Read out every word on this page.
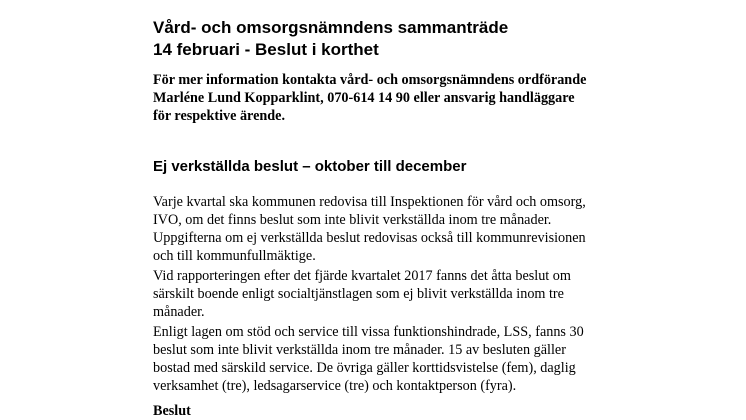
Vård- och omsorgsnämndens sammanträde
14 februari - Beslut i korthet

För mer information kontakta vård- och omsorgsnämndens ordförande
Marléne Lund Kopparklint, 070-614 14 90 eller ansvarig handläggare
för respektive ärende.

Ej verkställda beslut – oktober till december

Varje kvartal ska kommunen redovisa till Inspektionen för vård och omsorg,
IVO, om det finns beslut som inte blivit verkställda inom tre månader.
Uppgifterna om ej verkställda beslut redovisas också till kommunrevisionen
och till kommunfullmäktige.

Vid rapporteringen efter det fjärde kvartalet 2017 fanns det åtta beslut om
särskilt boende enligt socialtjänstlagen som ej blivit verkställda inom tre
månader.

Enligt lagen om stöd och service till vissa funktionshindrade, LSS, fanns 30
beslut som inte blivit verkställda inom tre månader. 15 av besluten gäller
bostad med särskild service. De övriga gäller korttidsvistelse (fem), daglig
verksamhet (tre), ledsagarservice (tre) och kontaktperson (fyra).

Beslut
